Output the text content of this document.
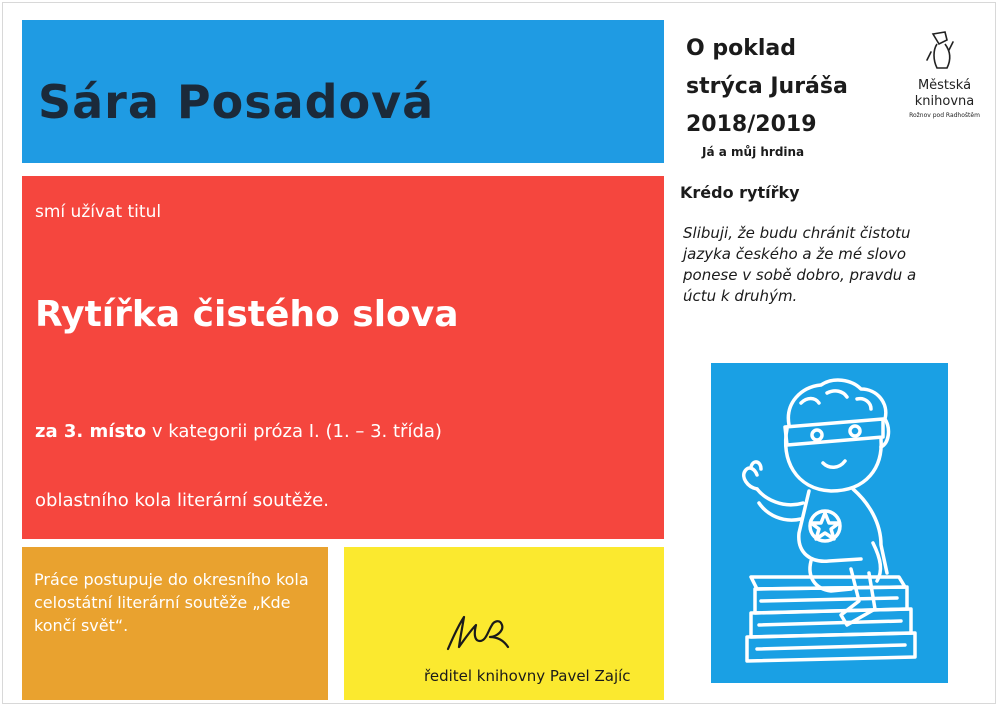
Sára Posadová
smí užívat titul
Rytířka čistého slova
za 3. místo v kategorii próza I. (1. – 3. třída)
oblastního kola literární soutěže.
Práce postupuje do okresního kola celostátní literární soutěže „Kde končí svět“.
ředitel knihovny Pavel Zajíc
O poklad
strýca Juráša
2018/2019
Já a můj hrdina
Městská
knihovna
Rožnov pod Radhoštěm
Krédo rytířky
Slibuji, že budu chránit čistotu jazyka českého a že mé slovo ponese v sobě dobro, pravdu a úctu k druhým.
